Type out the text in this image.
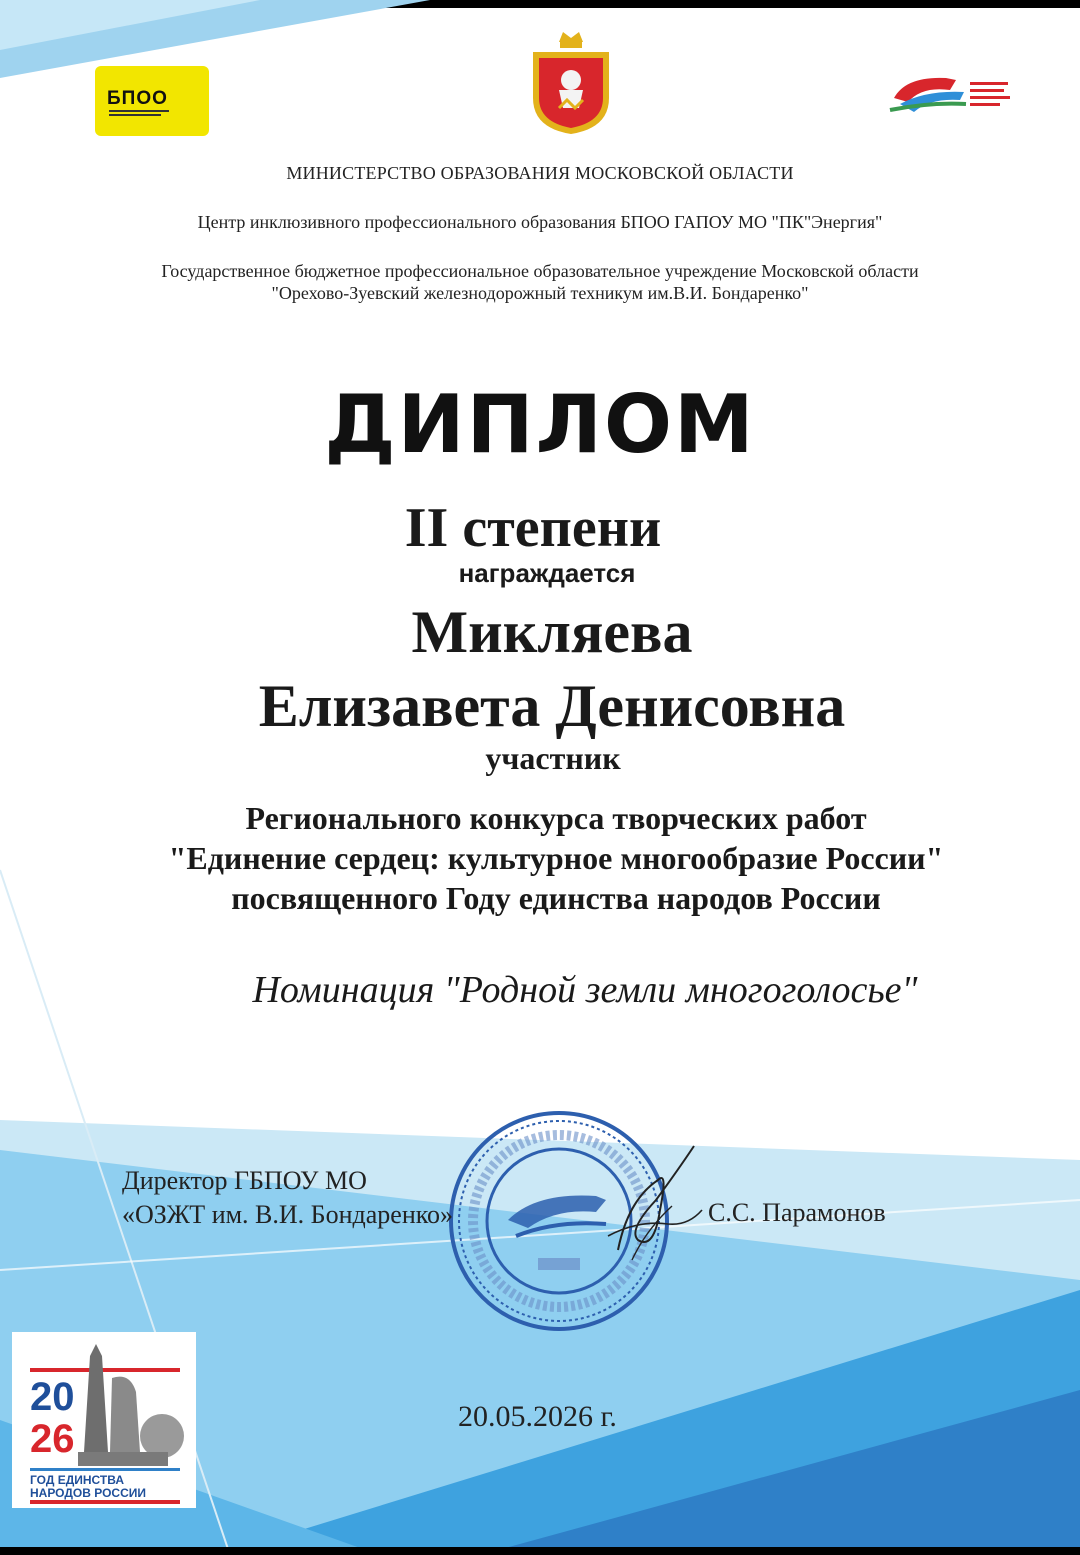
БПОО
МИНИСТЕРСТВО ОБРАЗОВАНИЯ МОСКОВСКОЙ ОБЛАСТИ
Центр инклюзивного профессионального образования БПОО ГАПОУ МО "ПК"Энергия"
Государственное бюджетное профессиональное образовательное учреждение Московской области
"Орехово-Зуевский железнодорожный техникум им.В.И. Бондаренко"
ДИПЛОМ
II степени
награждается
Микляева
Елизавета Денисовна
участник
Регионального конкурса творческих работ
"Единение сердец: культурное многообразие России"
посвященного Году единства народов России
Номинация "Родной земли многоголосье"
Директор ГБПОУ МО
«ОЗЖТ им. В.И. Бондаренко»	С.С. Парамонов
20.05.2026 г.
20
26
ГОД ЕДИНСТВА
НАРОДОВ РОССИИ
